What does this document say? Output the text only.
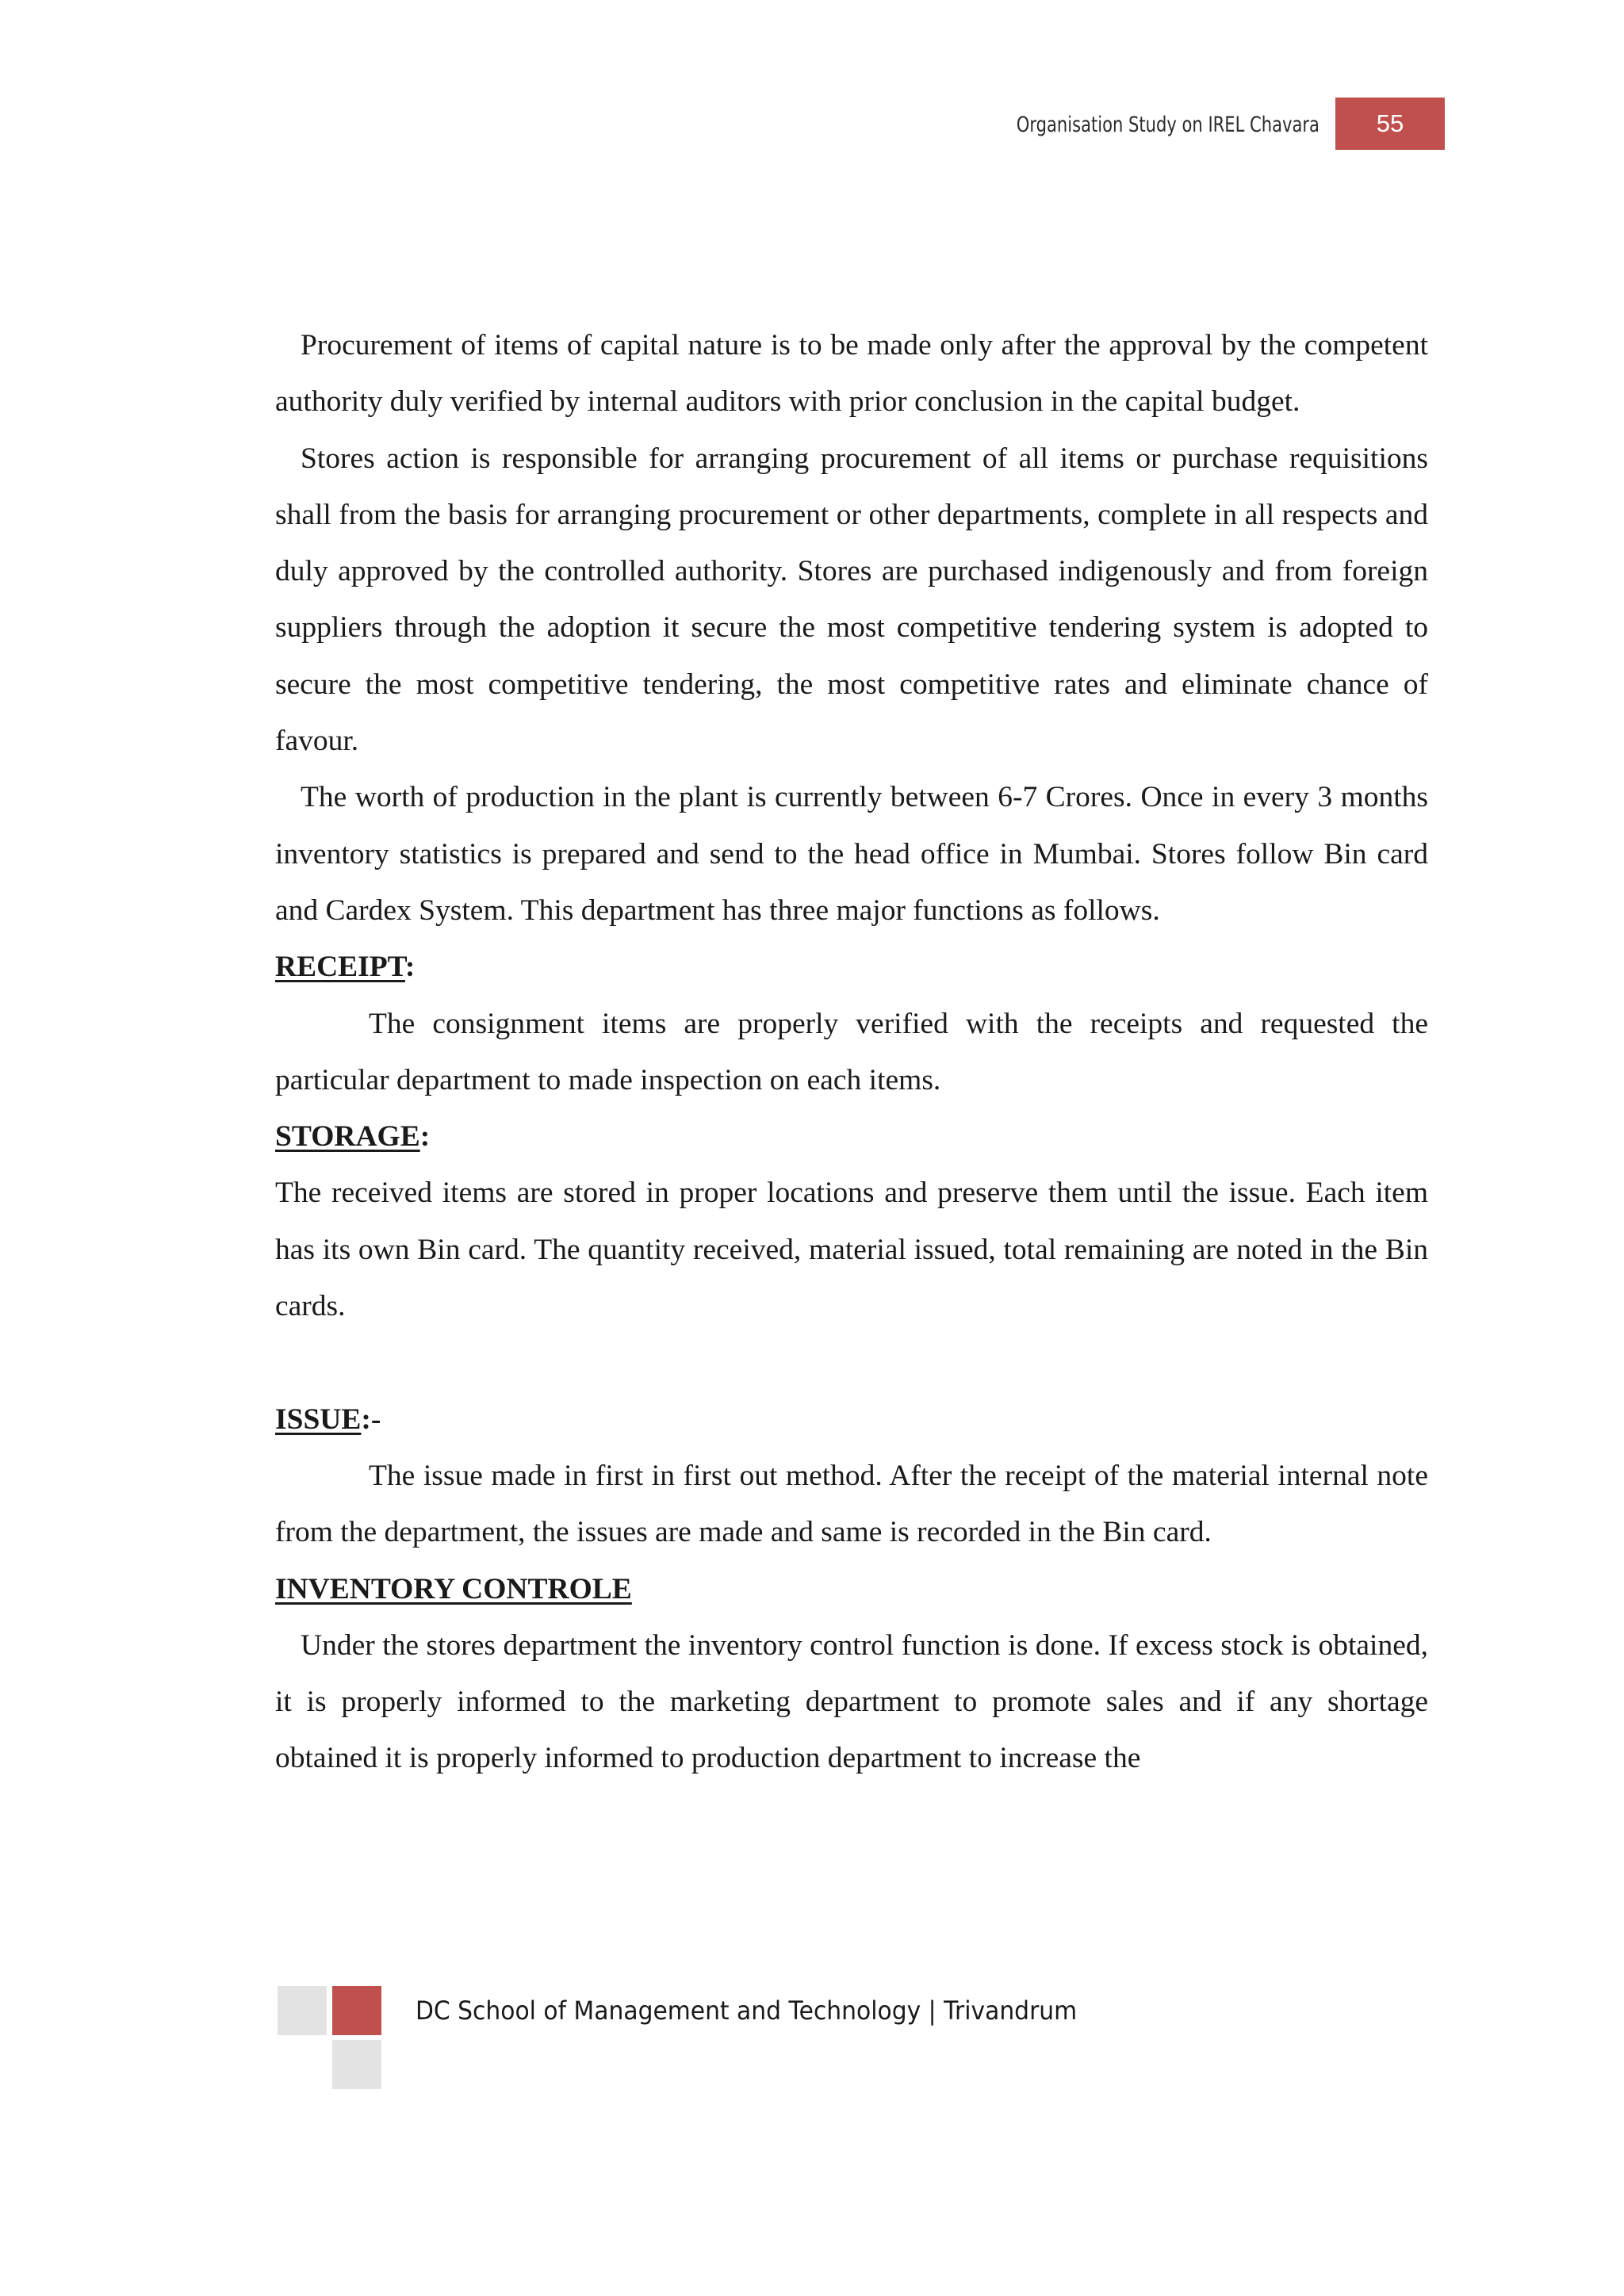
Organisation Study on IREL Chavara	55

Procurement of items of capital nature is to be made only after the approval by the competent authority duly verified by internal auditors with prior conclusion in the capital budget.

Stores action is responsible for arranging procurement of all items or purchase requisitions shall from the basis for arranging procurement or other departments, complete in all respects and duly approved by the controlled authority. Stores are purchased indigenously and from foreign suppliers through the adoption it secure the most competitive tendering system is adopted to secure the most competitive tendering, the most competitive rates and eliminate chance of favour.

The worth of production in the plant is currently between 6-7 Crores. Once in every 3 months inventory statistics is prepared and send to the head office in Mumbai. Stores follow Bin card and Cardex System. This department has three major functions as follows.

RECEIPT:

The consignment items are properly verified with the receipts and requested the particular department to made inspection on each items.

STORAGE:

The received items are stored in proper locations and preserve them until the issue. Each item has its own Bin card. The quantity received, material issued, total remaining are noted in the Bin cards.

ISSUE:-

The issue made in first in first out method. After the receipt of the material internal note from the department, the issues are made and same is recorded in the Bin card.

INVENTORY CONTROLE

Under the stores department the inventory control function is done. If excess stock is obtained, it is properly informed to the marketing department to promote sales and if any shortage obtained it is properly informed to production department to increase the

DC School of Management and Technology | Trivandrum
